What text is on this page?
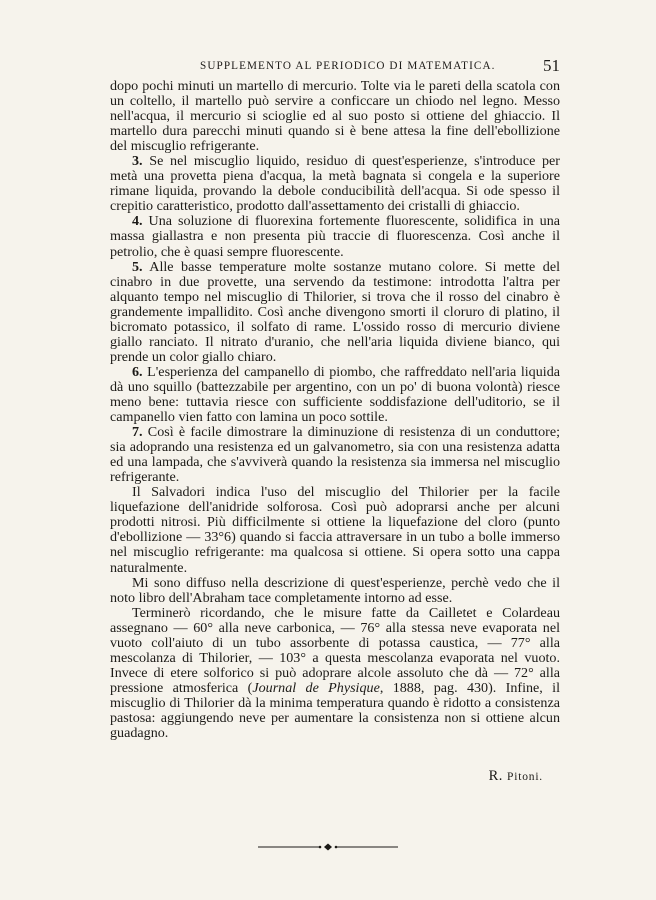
SUPPLEMENTO AL PERIODICO DI MATEMATICA.	51

dopo pochi minuti un martello di mercurio. Tolte via le pareti della scatola con un coltello, il martello può servire a conficcare un chiodo nel legno. Messo nell'acqua, il mercurio si scioglie ed al suo posto si ottiene del ghiaccio. Il martello dura parecchi minuti quando si è bene attesa la fine dell'ebollizione del miscuglio refrigerante.

3. Se nel miscuglio liquido, residuo di quest'esperienze, s'introduce per metà una provetta piena d'acqua, la metà bagnata si congela e la superiore rimane liquida, provando la debole conducibilità dell'acqua. Si ode spesso il crepitio caratteristico, prodotto dall'assettamento dei cristalli di ghiaccio.

4. Una soluzione di fluorexina fortemente fluorescente, solidifica in una massa giallastra e non presenta più traccie di fluorescenza. Così anche il petrolio, che è quasi sempre fluorescente.

5. Alle basse temperature molte sostanze mutano colore. Si mette del cinabro in due provette, una servendo da testimone: introdotta l'altra per alquanto tempo nel miscuglio di Thilorier, si trova che il rosso del cinabro è grandemente impallidito. Così anche divengono smorti il cloruro di platino, il bicromato potassico, il solfato di rame. L'ossido rosso di mercurio diviene giallo ranciato. Il nitrato d'uranio, che nell'aria liquida diviene bianco, qui prende un color giallo chiaro.

6. L'esperienza del campanello di piombo, che raffreddato nell'aria liquida dà uno squillo (battezzabile per argentino, con un po' di buona volontà) riesce meno bene: tuttavia riesce con sufficiente soddisfazione dell'uditorio, se il campanello vien fatto con lamina un poco sottile.

7. Così è facile dimostrare la diminuzione di resistenza di un conduttore; sia adoprando una resistenza ed un galvanometro, sia con una resistenza adatta ed una lampada, che s'avviverà quando la resistenza sia immersa nel miscuglio refrigerante.

Il Salvadori indica l'uso del miscuglio del Thilorier per la facile liquefazione dell'anidride solforosa. Così può adoprarsi anche per alcuni prodotti nitrosi. Più difficilmente si ottiene la liquefazione del cloro (punto d'ebollizione — 33°6) quando si faccia attraversare in un tubo a bolle immerso nel miscuglio refrigerante: ma qualcosa si ottiene. Si opera sotto una cappa naturalmente.

Mi sono diffuso nella descrizione di quest'esperienze, perchè vedo che il noto libro dell'Abraham tace completamente intorno ad esse.

Terminerò ricordando, che le misure fatte da Cailletet e Colardeau assegnano — 60° alla neve carbonica, — 76° alla stessa neve evaporata nel vuoto coll'aiuto di un tubo assorbente di potassa caustica, — 77° alla mescolanza di Thilorier, — 103° a questa mescolanza evaporata nel vuoto. Invece di etere solforico si può adoprare alcole assoluto che dà — 72° alla pressione atmosferica (Journal de Physique, 1888, pag. 430). Infine, il miscuglio di Thilorier dà la minima temperatura quando è ridotto a consistenza pastosa: aggiungendo neve per aumentare la consistenza non si ottiene alcun guadagno.

R. Pitoni.
